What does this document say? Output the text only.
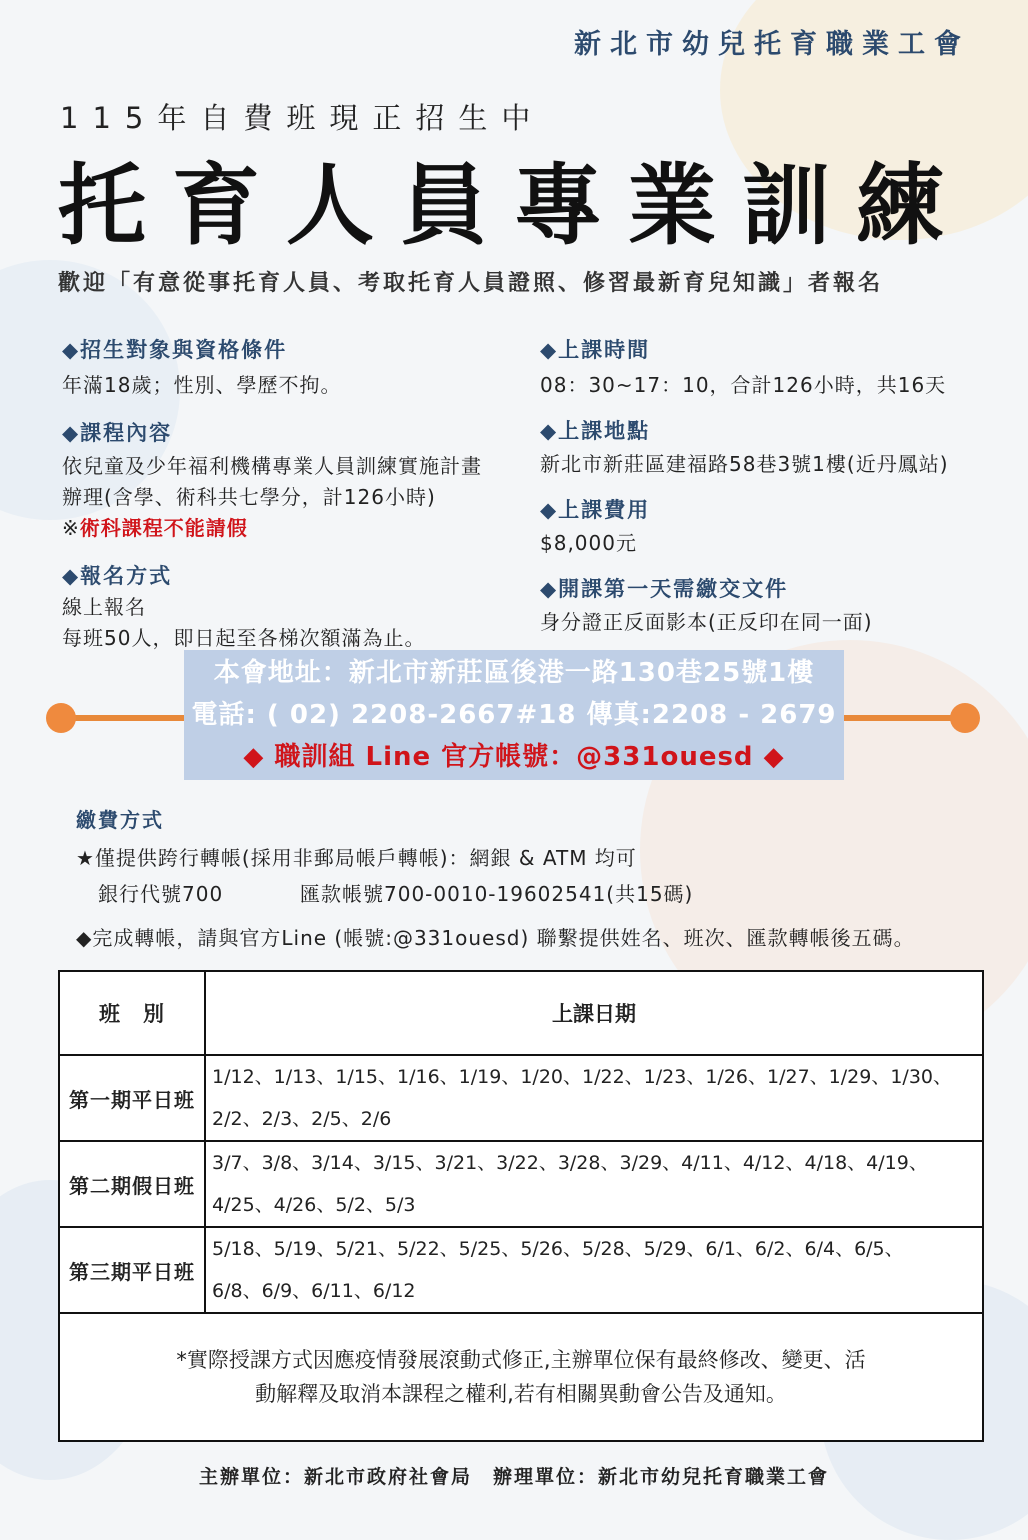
新北市幼兒托育職業工會
115年自費班現正招生中
托育人員專業訓練
歡迎「有意從事托育人員、考取托育人員證照、修習最新育兒知識」者報名
◆招生對象與資格條件
年滿18歲；性別、學歷不拘。
◆課程內容
依兒童及少年福利機構專業人員訓練實施計畫
辦理(含學、術科共七學分，計126小時)
※術科課程不能請假
◆報名方式
線上報名
每班50人，即日起至各梯次額滿為止。
◆上課時間
08：30~17：10，合計126小時，共16天
◆上課地點
新北市新莊區建福路58巷3號1樓(近丹鳳站)
◆上課費用
$8,000元
◆開課第一天需繳交文件
身分證正反面影本(正反印在同一面)
本會地址：新北市新莊區後港一路130巷25號1樓
電話: ( 02) 2208-2667#18 傳真:2208 - 2679
◆ 職訓組 Line 官方帳號：@331ouesd ◆
繳費方式
★僅提供跨行轉帳(採用非郵局帳戶轉帳)：網銀 & ATM 均可
銀行代號700	匯款帳號700-0010-19602541(共15碼)
◆完成轉帳，請與官方Line (帳號:@331ouesd) 聯繫提供姓名、班次、匯款轉帳後五碼。
班　別	上課日期
第一期平日班	1/12、1/13、1/15、1/16、1/19、1/20、1/22、1/23、1/26、1/27、1/29、1/30、
2/2、2/3、2/5、2/6

第二期假日班	3/7、3/8、3/14、3/15、3/21、3/22、3/28、3/29、4/11、4/12、4/18、4/19、
4/25、4/26、5/2、5/3

第三期平日班	5/18、5/19、5/21、5/22、5/25、5/26、5/28、5/29、6/1、6/2、6/4、6/5、
6/8、6/9、6/11、6/12

*實際授課方式因應疫情發展滾動式修正,主辦單位保有最終修改、變更、活
動解釋及取消本課程之權利,若有相關異動會公告及通知。	
主辦單位：新北市政府社會局　辦理單位：新北市幼兒托育職業工會
